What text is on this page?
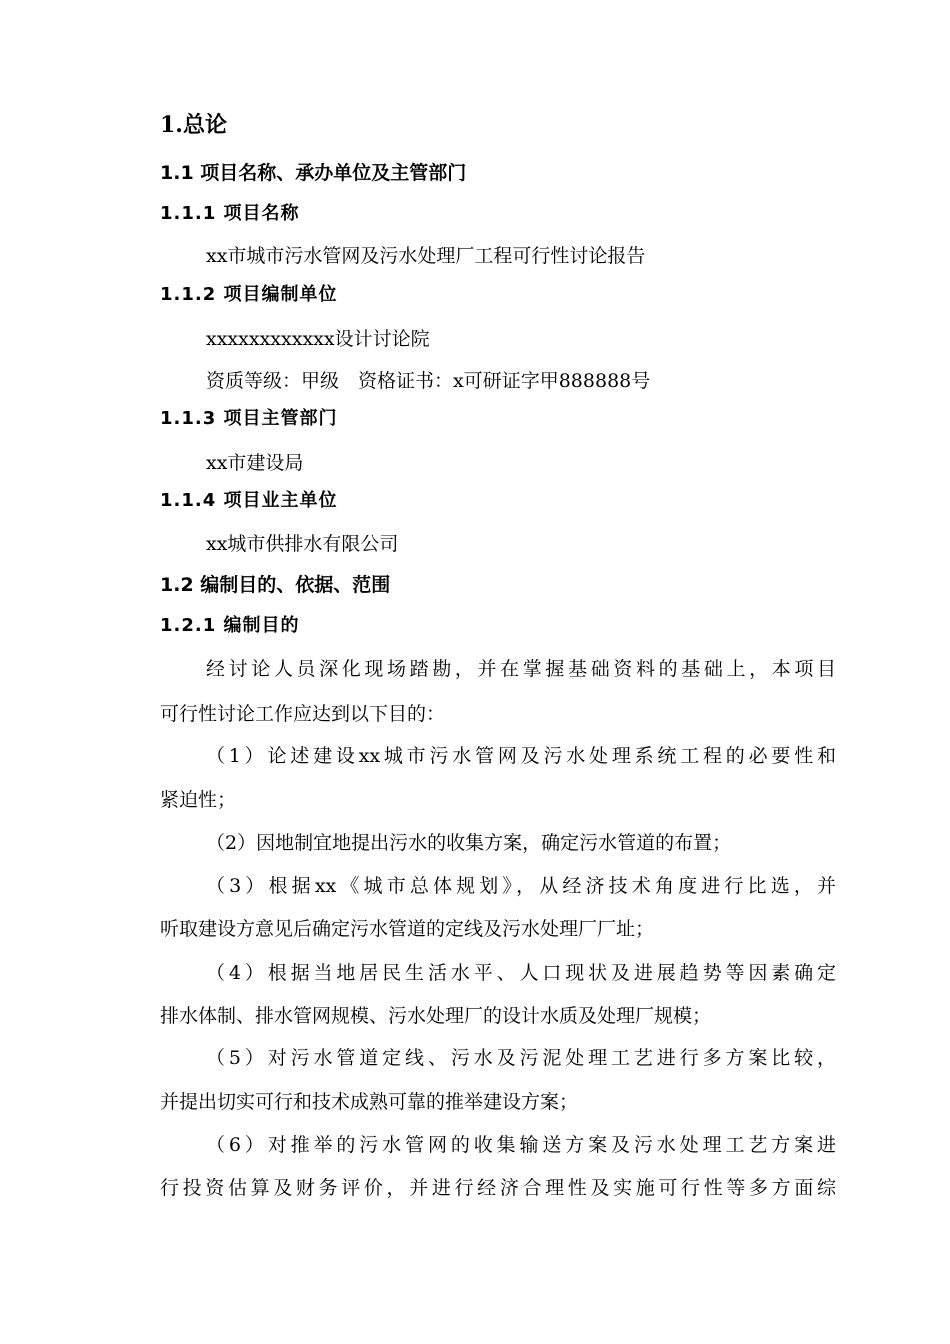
1.总论
1.1 项目名称、承办单位及主管部门
1.1.1 项目名称
xx市城市污水管网及污水处理厂工程可行性讨论报告
1.1.2 项目编制单位
xxxxxxxxxxxx设计讨论院
资质等级：甲级　资格证书：x可研证字甲888888号
1.1.3 项目主管部门
xx市建设局
1.1.4 项目业主单位
xx城市供排水有限公司
1.2 编制目的、依据、范围
1.2.1 编制目的
经讨论人员深化现场踏勘，并在掌握基础资料的基础上，本项目
可行性讨论工作应达到以下目的：
（1）论述建设xx城市污水管网及污水处理系统工程的必要性和
紧迫性；
（2）因地制宜地提出污水的收集方案，确定污水管道的布置；
（3）根据xx《城市总体规划》，从经济技术角度进行比选，并
听取建设方意见后确定污水管道的定线及污水处理厂厂址；
（4）根据当地居民生活水平、人口现状及进展趋势等因素确定
排水体制、排水管网规模、污水处理厂的设计水质及处理厂规模；
（5）对污水管道定线、污水及污泥处理工艺进行多方案比较，
并提出切实可行和技术成熟可靠的推举建设方案；
（6）对推举的污水管网的收集输送方案及污水处理工艺方案进
行投资估算及财务评价，并进行经济合理性及实施可行性等多方面综
